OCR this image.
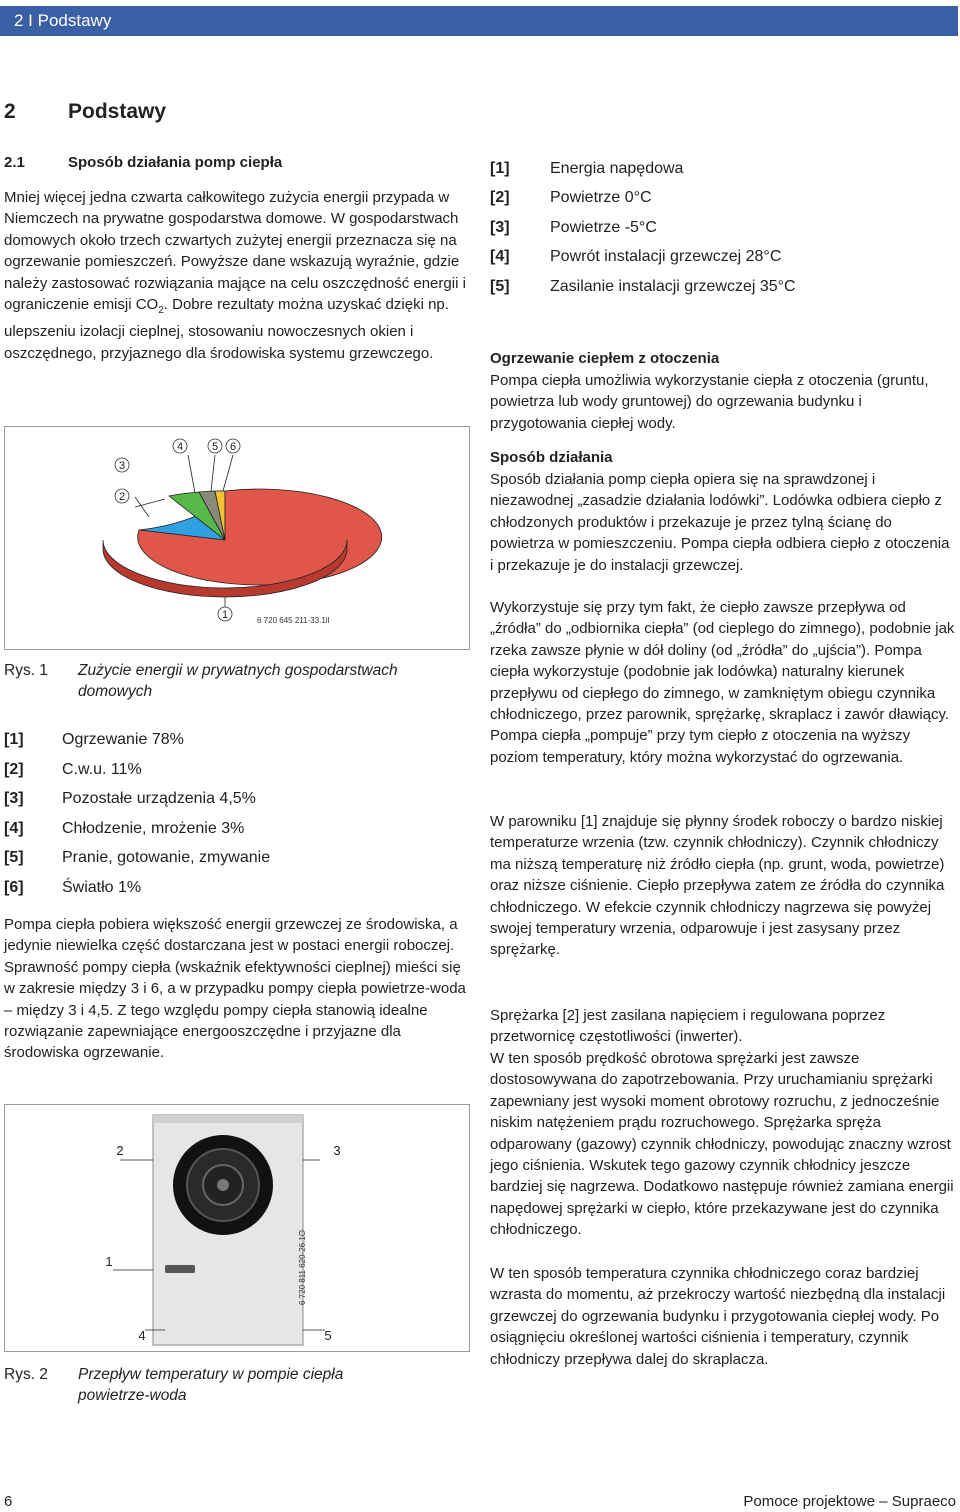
2 I Podstawy
2 Podstawy
2.1	Sposób działania pomp ciepła
Mniej więcej jedna czwarta całkowitego zużycia energii przypada w Niemczech na prywatne gospodarstwa domowe. W gospodarstwach domowych około trzech czwartych zużytej energii przeznacza się na ogrzewanie pomieszczeń. Powyższe dane wskazują wyraźnie, gdzie należy zastosować rozwiązania mające na celu oszczędność energii i ograniczenie emisji $CO_2$. Dobre rezultaty można uzyskać dzięki np. ulepszeniu izolacji cieplnej, stosowaniu nowoczesnych okien i oszczędnego, przyjaznego dla środowiska systemu grzewczego.
1
2
3
4	5 6
6 720 645 211-33.1il
Rys. 1 Zużycie energii w prywatnych gospodarstwach domowych
[1] Ogrzewanie 78%
[2] C.w.u. 11%
[3] Pozostałe urządzenia 4,5%
[4] Chłodzenie, mrożenie 3%
[5] Pranie, gotowanie, zmywanie
[6] Światło 1%
Pompa ciepła pobiera większość energii grzewczej ze środowiska, a jedynie niewielka część dostarczana jest w postaci energii roboczej. Sprawność pompy ciepła (wskaźnik efektywności cieplnej) mieści się w zakresie między 3 i 6, a w przypadku pompy ciepła powietrze-woda – między 3 i 4,5. Z tego względu pompy ciepła stanowią idealne rozwiązanie zapewniające energooszczędne i przyjazne dla środowiska ogrzewanie.
1
2	3
4	5
6 720 811 620-26.1O
Rys. 2 Przepływ temperatury w pompie ciepła powietrze-woda
[1]	Energia napędowa
[2]	Powietrze 0°C
[3]	Powietrze -5°C
[4]	Powrót instalacji grzewczej 28°C
[5]	Zasilanie instalacji grzewczej 35°C
Ogrzewanie ciepłem z otoczenia
Pompa ciepła umożliwia wykorzystanie ciepła z otoczenia (gruntu, powietrza lub wody gruntowej) do ogrzewania budynku i przygotowania ciepłej wody.
Sposób działania
Sposób działania pomp ciepła opiera się na sprawdzonej i niezawodnej „zasadzie działania lodówki”. Lodówka odbiera ciepło z chłodzonych produktów i przekazuje je przez tylną ścianę do powietrza w pomieszczeniu. Pompa ciepła odbiera ciepło z otoczenia i przekazuje je do instalacji grzewczej.
Wykorzystuje się przy tym fakt, że ciepło zawsze przepływa od „źródła” do „odbiornika ciepła” (od cieplego do zimnego), podobnie jak rzeka zawsze płynie w dół doliny (od „źródła” do „ujścia”). Pompa ciepła wykorzystuje (podobnie jak lodówka) naturalny kierunek przepływu od ciepłego do zimnego, w zamkniętym obiegu czynnika chłodniczego, przez parownik, sprężarkę, skraplacz i zawór dławiący. Pompa ciepła „pompuje” przy tym ciepło z otoczenia na wyższy poziom temperatury, który można wykorzystać do ogrzewania.
W parowniku [1] znajduje się płynny środek roboczy o bardzo niskiej temperaturze wrzenia (tzw. czynnik chłodniczy). Czynnik chłodniczy ma niższą temperaturę niż źródło ciepła (np. grunt, woda, powietrze) oraz niższe ciśnienie. Ciepło przepływa zatem ze źródła do czynnika chłodniczego. W efekcie czynnik chłodniczy nagrzewa się powyżej swojej temperatury wrzenia, odparowuje i jest zasysany przez sprężarkę.
Sprężarka [2] jest zasilana napięciem i regulowana poprzez przetwornicę częstotliwości (inwerter).
W ten sposób prędkość obrotowa sprężarki jest zawsze dostosowywana do zapotrzebowania. Przy uruchamianiu sprężarki zapewniany jest wysoki moment obrotowy rozruchu, z jednocześnie niskim natężeniem prądu rozruchowego. Sprężarka spręża odparowany (gazowy) czynnik chłodniczy, powodując znaczny wzrost jego ciśnienia. Wskutek tego gazowy czynnik chłodnicy jeszcze bardziej się nagrzewa. Dodatkowo następuje również zamiana energii napędowej sprężarki w ciepło, które przekazywane jest do czynnika chłodniczego.
W ten sposób temperatura czynnika chłodniczego coraz bardziej wzrasta do momentu, aż przekroczy wartość niezbędną dla instalacji grzewczej do ogrzewania budynku i przygotowania ciepłej wody. Po osiągnięciu określonej wartości ciśnienia i temperatury, czynnik chłodniczy przepływa dalej do skraplacza.
6	Pomoce projektowe – Supraeco
